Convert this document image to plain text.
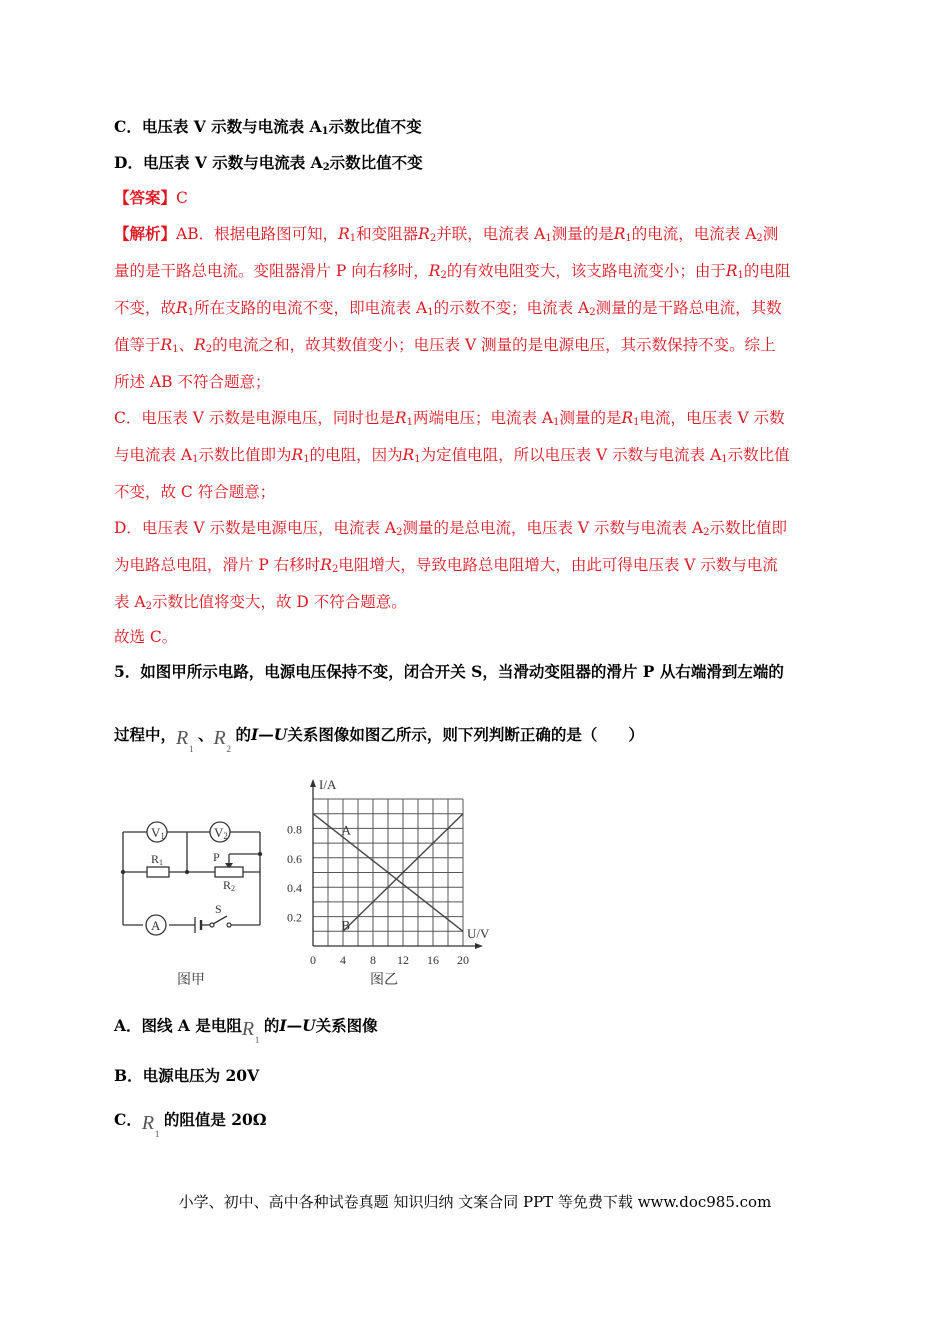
C．电压表 V 示数与电流表 $A_1$示数比值不变
D．电压表 V 示数与电流表 $A_2$示数比值不变
【答案】C
【解析】AB．根据电路图可知，$R_1$和变阻器$R_2$并联，电流表 $A_1$测量的是$R_1$的电流，电流表 $A_2$测
量的是干路总电流。变阻器滑片 P 向右移时，$R_2$的有效电阻变大，该支路电流变小；由于$R_1$的电阻
不变，故$R_1$所在支路的电流不变，即电流表 $A_1$的示数不变；电流表 $A_2$测量的是干路总电流，其数
值等于$R_1$、$R_2$的电流之和，故其数值变小；电压表 V 测量的是电源电压，其示数保持不变。综上
所述 AB 不符合题意；
C．电压表 V 示数是电源电压，同时也是$R_1$两端电压；电流表 $A_1$测量的是$R_1$电流，电压表 V 示数
与电流表 $A_1$示数比值即为$R_1$的电阻，因为$R_1$为定值电阻，所以电压表 V 示数与电流表 $A_1$示数比值
不变，故 C 符合题意；
D．电压表 V 示数是电源电压，电流表 $A_2$测量的是总电流，电压表 V 示数与电流表 $A_2$示数比值即
为电路总电阻，滑片 P 右移时$R_2$电阻增大，导致电路总电阻增大，由此可得电压表 V 示数与电流
表 $A_2$示数比值将变大，故 D 不符合题意。
故选 C。
5．如图甲所示电路，电源电压保持不变，闭合开关 S，当滑动变阻器的滑片 P 从右端滑到左端的
过程中，R 1
、R 2
的I—U关系图像如图乙所示，则下列判断正确的是（　　）
V1	V2
R1	P
R2
A
S
图甲
A
B
0.2
0.4
0.6
0.8
0 4 8 12 16 20
I/A
U/V
图乙
A．图线 A 是电阻R 1
的I—U关系图像
B．电源电压为 20V
C．R 1
的阻值是 20Ω
小学、初中、高中各种试卷真题 知识归纳 文案合同 PPT 等免费下载 www.doc985.com
